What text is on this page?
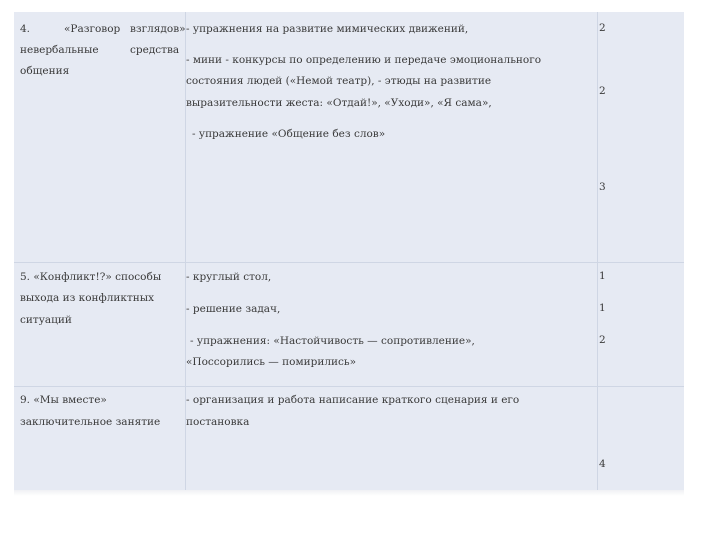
4.	«Разговор взглядов»
невербальные	средства
общения
- упражнения на развитие мимических движений,
- мини - конкурсы по определению и передаче эмоционального
состояния людей («Немой театр), - этюды на развитие
выразительности жеста: «Отдай!», «Уходи», «Я сама»,
- упражнение «Общение без слов»
2
2
3
5. «Конфликт!?» способы
выхода из конфликтных
ситуаций
- круглый стол,
- решение задач,
- упражнения: «Настойчивость — сопротивление»,
«Поссорились — помирились»
1
1
2
9. «Мы вместе»
заключительное занятие
- организация и работа написание краткого сценария и его
постановка
4
